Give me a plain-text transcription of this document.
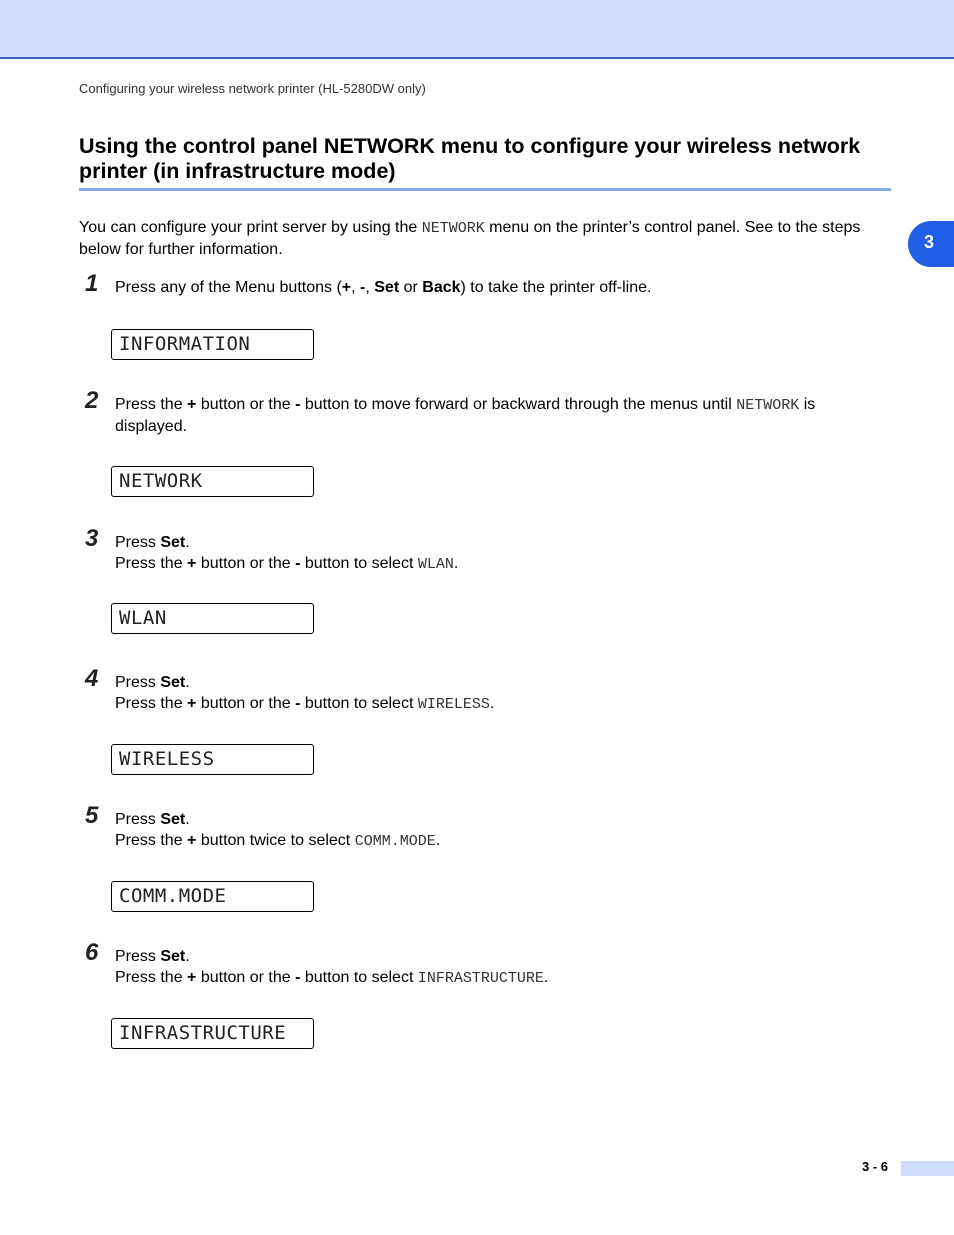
Configuring your wireless network printer (HL-5280DW only)
Using the control panel NETWORK menu to configure your wireless network printer (in infrastructure mode)
3
You can configure your print server by using the NETWORK menu on the printer’s control panel. See to the steps below for further information.
1 Press any of the Menu buttons (+, -, Set or Back) to take the printer off-line.

INFORMATION
2 Press the + button or the - button to move forward or backward through the menus until NETWORK is displayed.

NETWORK
3 Press Set.

Press the + button or the - button to select WLAN.

WLAN
4 Press Set.

Press the + button or the - button to select WIRELESS.

WIRELESS
5 Press Set.

Press the + button twice to select COMM.MODE.

COMM.MODE
6 Press Set.

Press the + button or the - button to select INFRASTRUCTURE.

INFRASTRUCTURE
3 - 6
